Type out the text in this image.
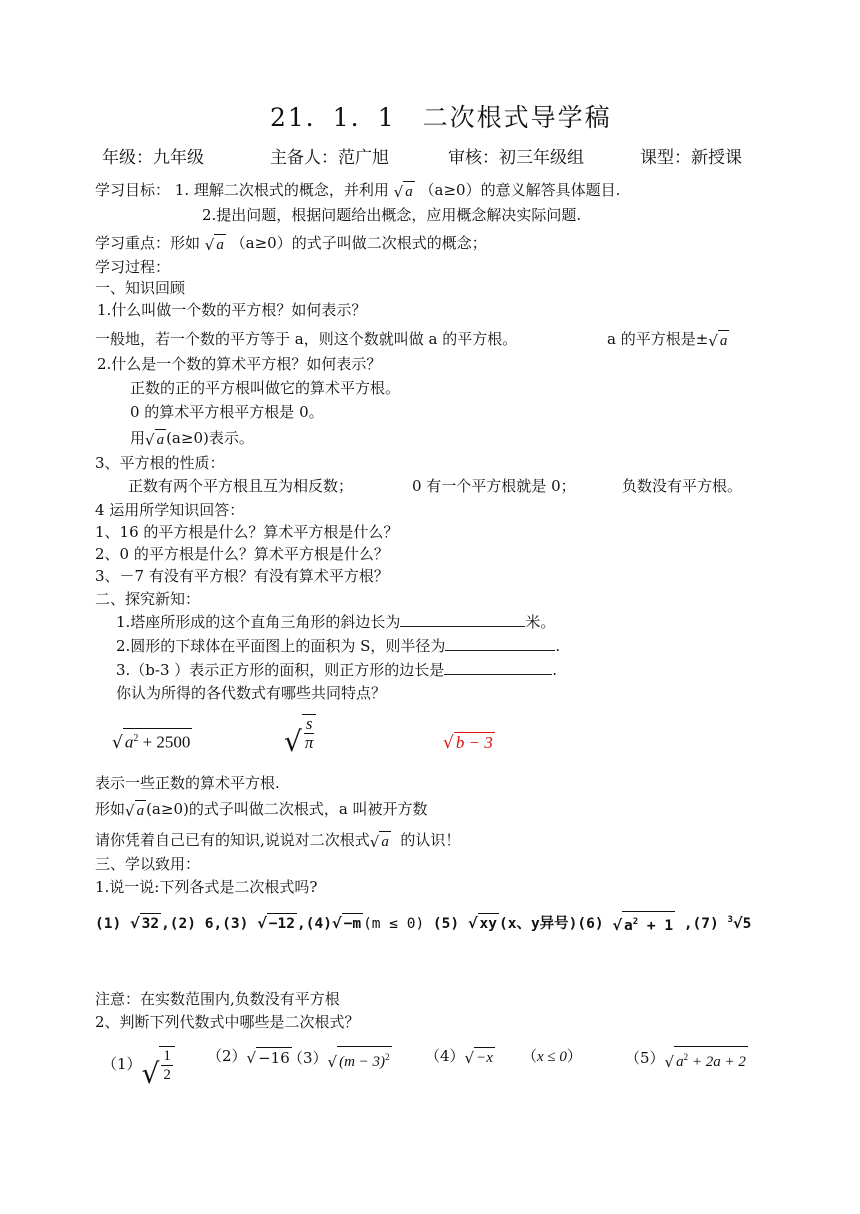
21．1．1　二次根式导学稿
年级：九年级	主备人：范广旭	审核：初三年级组	课型：新授课
学习目标： 1. 理解二次根式的概念，并利用 √ a （a≥0）的意义解答具体题目.
2.提出问题，根据问题给出概念，应用概念解决实际问题.
学习重点：形如 √ a （a≥0）的式子叫做二次根式的概念；
学习过程：
一、知识回顾
1.什么叫做一个数的平方根？如何表示？
一般地，若一个数的平方等于 a，则这个数就叫做 a 的平方根。	a 的平方根是± √ a
2.什么是一个数的算术平方根？如何表示？
正数的正的平方根叫做它的算术平方根。
0 的算术平方根平方根是 0。
用 √ a (a≥0)表示。
3、平方根的性质：
正数有两个平方根且互为相反数；	0 有一个平方根就是 0；	负数没有平方根。
4 运用所学知识回答：
1、16 的平方根是什么？算术平方根是什么？
2、0 的平方根是什么？算术平方根是什么？
3、－7 有没有平方根？有没有算术平方根？
二、探究新知：
1.塔座所形成的这个直角三角形的斜边长为	米。
2.圆形的下球体在平面图上的面积为 S，则半径为	.
3.（b-3 ）表示正方形的面积，则正方形的边长是	.
你认为所得的各代数式有哪些共同特点？
√ $a^2 + 2500$	√ $\frac{s}{\pi}$	√ b − 3
表示一些正数的算术平方根.
形如 √ a (a≥0)的式子叫做二次根式，a 叫被开方数
请你凭着自己已有的知识,说说对二次根式 √ a 的认识！
三、学以致用：
1.说一说:下列各式是二次根式吗?
(1) √ 32 ,(2) 6,(3) √ −12 ,(4) √ −m (m ≤ 0) (5) √ xy (x、y异号)(6) √ $a^2 + 1$ ,(7) $^3$√5
注意：在实数范围内,负数没有平方根
2、判断下列代数式中哪些是二次根式？
（1） √ $\frac{1}{2} (2)$ √ −16
（3） √ $(m - 3)^2$ （4） √ −x （x ≤ 0）	（5） √ $a^2 + 2a + 2$
